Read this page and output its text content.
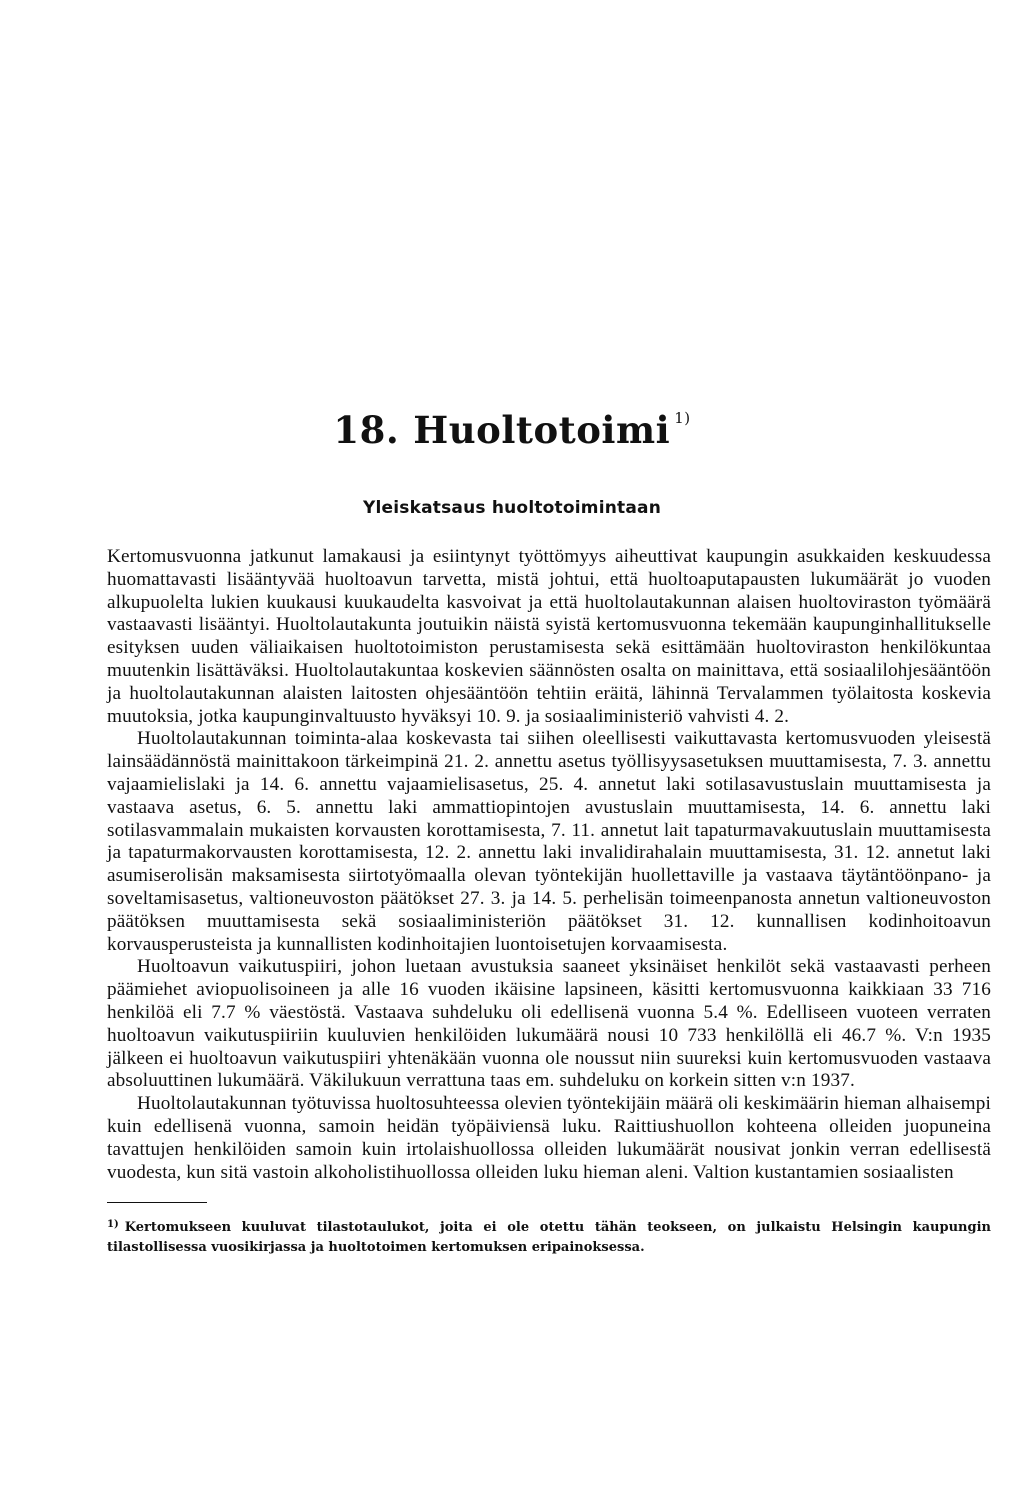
18. Huoltotoimi $^{1)}$
Yleiskatsaus huoltotoimintaan

Kertomusvuonna jatkunut lamakausi ja esiintynyt työttömyys aiheuttivat kaupungin asukkaiden keskuudessa huomattavasti lisääntyvää huoltoavun tarvetta, mistä johtui, että huoltoaputapausten lukumäärät jo vuoden alkupuolelta lukien kuukausi kuukaudelta kasvoivat ja että huoltolautakunnan alaisen huoltoviraston työmäärä vastaavasti lisääntyi. Huoltolautakunta joutuikin näistä syistä kertomusvuonna tekemään kaupunginhallitukselle esityksen uuden väliaikaisen huoltotoimiston perustamisesta sekä esittämään huoltoviraston henkilökuntaa muutenkin lisättäväksi. Huoltolautakuntaa koskevien säännösten osalta on mainittava, että sosiaalilohjesääntöön ja huoltolautakunnan alaisten laitosten ohjesääntöön tehtiin eräitä, lähinnä Tervalammen työlaitosta koskevia muutoksia, jotka kaupunginvaltuusto hyväksyi 10. 9. ja sosiaaliministeriö vahvisti 4. 2.

Huoltolautakunnan toiminta-alaa koskevasta tai siihen oleellisesti vaikuttavasta kertomusvuoden yleisestä lainsäädännöstä mainittakoon tärkeimpinä 21. 2. annettu asetus työllisyysasetuksen muuttamisesta, 7. 3. annettu vajaamielislaki ja 14. 6. annettu vajaamielisasetus, 25. 4. annetut laki sotilasavustuslain muuttamisesta ja vastaava asetus, 6. 5. annettu laki ammattiopintojen avustuslain muuttamisesta, 14. 6. annettu laki sotilasvammalain mukaisten korvausten korottamisesta, 7. 11. annetut lait tapaturmavakuutuslain muuttamisesta ja tapaturmakorvausten korottamisesta, 12. 2. annettu laki invalidirahalain muuttamisesta, 31. 12. annetut laki asumiserolisän maksamisesta siirtotyömaalla olevan työntekijän huollettaville ja vastaava täytäntöönpano- ja soveltamisasetus, valtioneuvoston päätökset 27. 3. ja 14. 5. perhelisän toimeenpanosta annetun valtioneuvoston päätöksen muuttamisesta sekä sosiaaliministeriön päätökset 31. 12. kunnallisen kodinhoitoavun korvausperusteista ja kunnallisten kodinhoitajien luontoisetujen korvaamisesta.

Huoltoavun vaikutuspiiri, johon luetaan avustuksia saaneet yksinäiset henkilöt sekä vastaavasti perheen päämiehet aviopuolisoineen ja alle 16 vuoden ikäisine lapsineen, käsitti kertomusvuonna kaikkiaan 33 716 henkilöä eli 7.7 % väestöstä. Vastaava suhdeluku oli edellisenä vuonna 5.4 %. Edelliseen vuoteen verraten huoltoavun vaikutuspiiriin kuuluvien henkilöiden lukumäärä nousi 10 733 henkilöllä eli 46.7 %. V:n 1935 jälkeen ei huoltoavun vaikutuspiiri yhtenäkään vuonna ole noussut niin suureksi kuin kertomusvuoden vastaava absoluuttinen lukumäärä. Väkilukuun verrattuna taas em. suhdeluku on korkein sitten v:n 1937.

Huoltolautakunnan työtuvissa huoltosuhteessa olevien työntekijäin määrä oli keskimäärin hieman alhaisempi kuin edellisenä vuonna, samoin heidän työpäiviensä luku. Raittiushuollon kohteena olleiden juopuneina tavattujen henkilöiden samoin kuin irtolaishuollossa olleiden lukumäärät nousivat jonkin verran edellisestä vuodesta, kun sitä vastoin alkoholistihuollossa olleiden luku hieman aleni. Valtion kustantamien sosiaalisten

$^{1)}$ Kertomukseen kuuluvat tilastotaulukot, joita ei ole otettu tähän teokseen, on julkaistu Helsingin kaupungin tilastollisessa vuosikirjassa ja huoltotoimen kertomuksen eripainoksessa.
